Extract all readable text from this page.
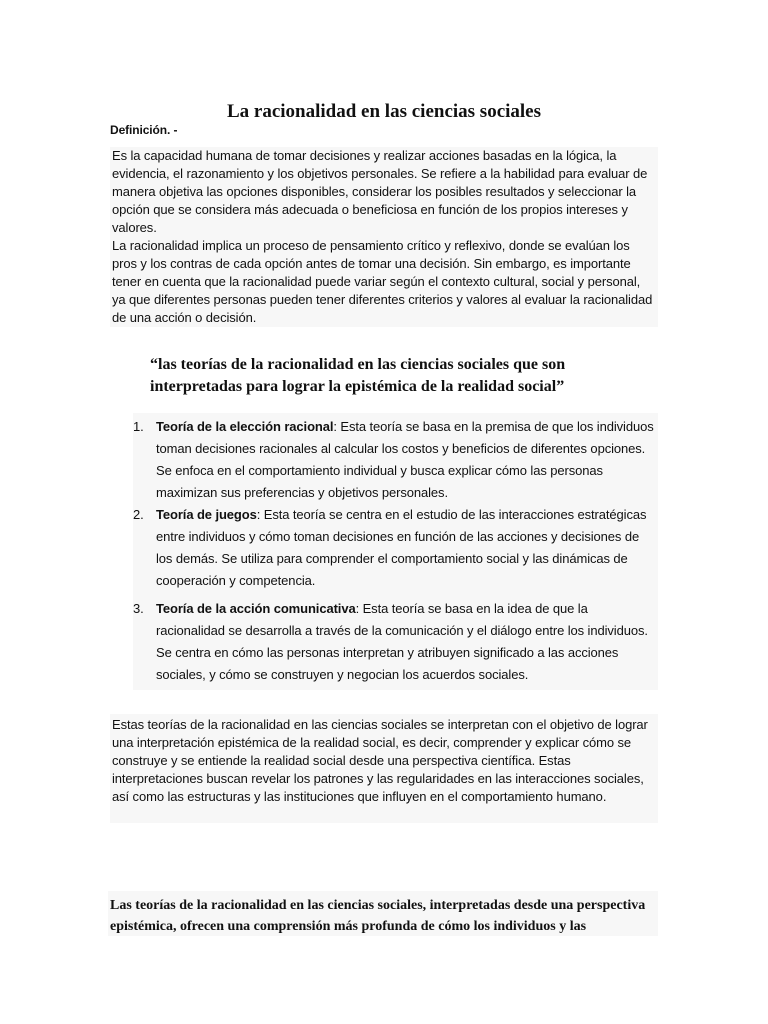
La racionalidad en las ciencias sociales
Definición. -

Es la capacidad humana de tomar decisiones y realizar acciones basadas en la lógica, la evidencia, el razonamiento y los objetivos personales. Se refiere a la habilidad para evaluar de manera objetiva las opciones disponibles, considerar los posibles resultados y seleccionar la opción que se considera más adecuada o beneficiosa en función de los propios intereses y valores.

La racionalidad implica un proceso de pensamiento crítico y reflexivo, donde se evalúan los pros y los contras de cada opción antes de tomar una decisión. Sin embargo, es importante tener en cuenta que la racionalidad puede variar según el contexto cultural, social y personal, ya que diferentes personas pueden tener diferentes criterios y valores al evaluar la racionalidad de una acción o decisión.

“las teorías de la racionalidad en las ciencias sociales que son interpretadas para lograr la epistémica de la realidad social”
1. Teoría de la elección racional: Esta teoría se basa en la premisa de que los individuos toman decisiones racionales al calcular los costos y beneficios de diferentes opciones. Se enfoca en el comportamiento individual y busca explicar cómo las personas maximizan sus preferencias y objetivos personales.
2. Teoría de juegos: Esta teoría se centra en el estudio de las interacciones estratégicas entre individuos y cómo toman decisiones en función de las acciones y decisiones de los demás. Se utiliza para comprender el comportamiento social y las dinámicas de cooperación y competencia.
3. Teoría de la acción comunicativa: Esta teoría se basa en la idea de que la racionalidad se desarrolla a través de la comunicación y el diálogo entre los individuos. Se centra en cómo las personas interpretan y atribuyen significado a las acciones sociales, y cómo se construyen y negocian los acuerdos sociales.
Estas teorías de la racionalidad en las ciencias sociales se interpretan con el objetivo de lograr una interpretación epistémica de la realidad social, es decir, comprender y explicar cómo se construye y se entiende la realidad social desde una perspectiva científica. Estas interpretaciones buscan revelar los patrones y las regularidades en las interacciones sociales, así como las estructuras y las instituciones que influyen en el comportamiento humano.
Las teorías de la racionalidad en las ciencias sociales, interpretadas desde una perspectiva epistémica, ofrecen una comprensión más profunda de cómo los individuos y las
